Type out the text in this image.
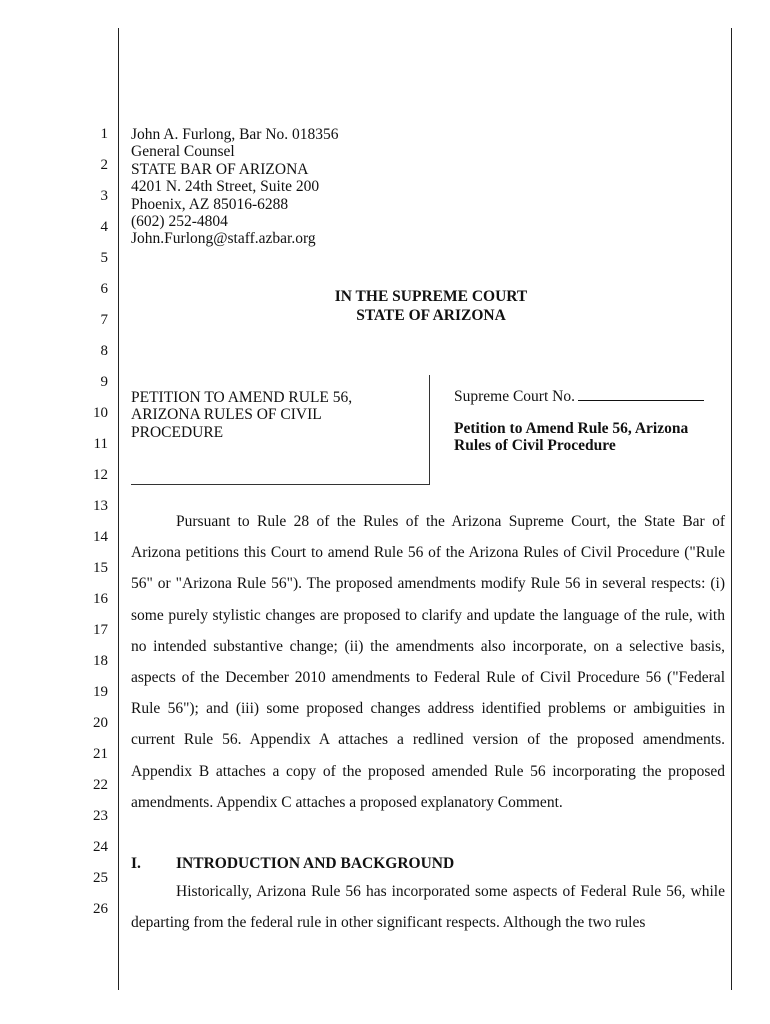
1
2
3
4
5
6
7
8
9
10
11
12
13
14
15
16
17
18
19
20
21
22
23
24
25
26
John A. Furlong, Bar No. 018356
General Counsel
STATE BAR OF ARIZONA
4201 N. 24th Street, Suite 200
Phoenix, AZ 85016-6288
(602) 252-4804
John.Furlong@staff.azbar.org
IN THE SUPREME COURT
STATE OF ARIZONA
PETITION TO AMEND RULE 56,
ARIZONA RULES OF CIVIL
PROCEDURE
Supreme Court No.
Petition to Amend Rule 56, Arizona
Rules of Civil Procedure

Pursuant to Rule 28 of the Rules of the Arizona Supreme Court, the State Bar of Arizona petitions this Court to amend Rule 56 of the Arizona Rules of Civil Procedure ("Rule 56" or "Arizona Rule 56"). The proposed amendments modify Rule 56 in several respects: (i) some purely stylistic changes are proposed to clarify and update the language of the rule, with no intended substantive change; (ii) the amendments also incorporate, on a selective basis, aspects of the December 2010 amendments to Federal Rule of Civil Procedure 56 ("Federal Rule 56"); and (iii) some proposed changes address identified problems or ambiguities in current Rule 56. Appendix A attaches a redlined version of the proposed amendments. Appendix B attaches a copy of the proposed amended Rule 56 incorporating the proposed amendments. Appendix C attaches a proposed explanatory Comment.

I. INTRODUCTION AND BACKGROUND

Historically, Arizona Rule 56 has incorporated some aspects of Federal Rule 56, while departing from the federal rule in other significant respects. Although the two rules
